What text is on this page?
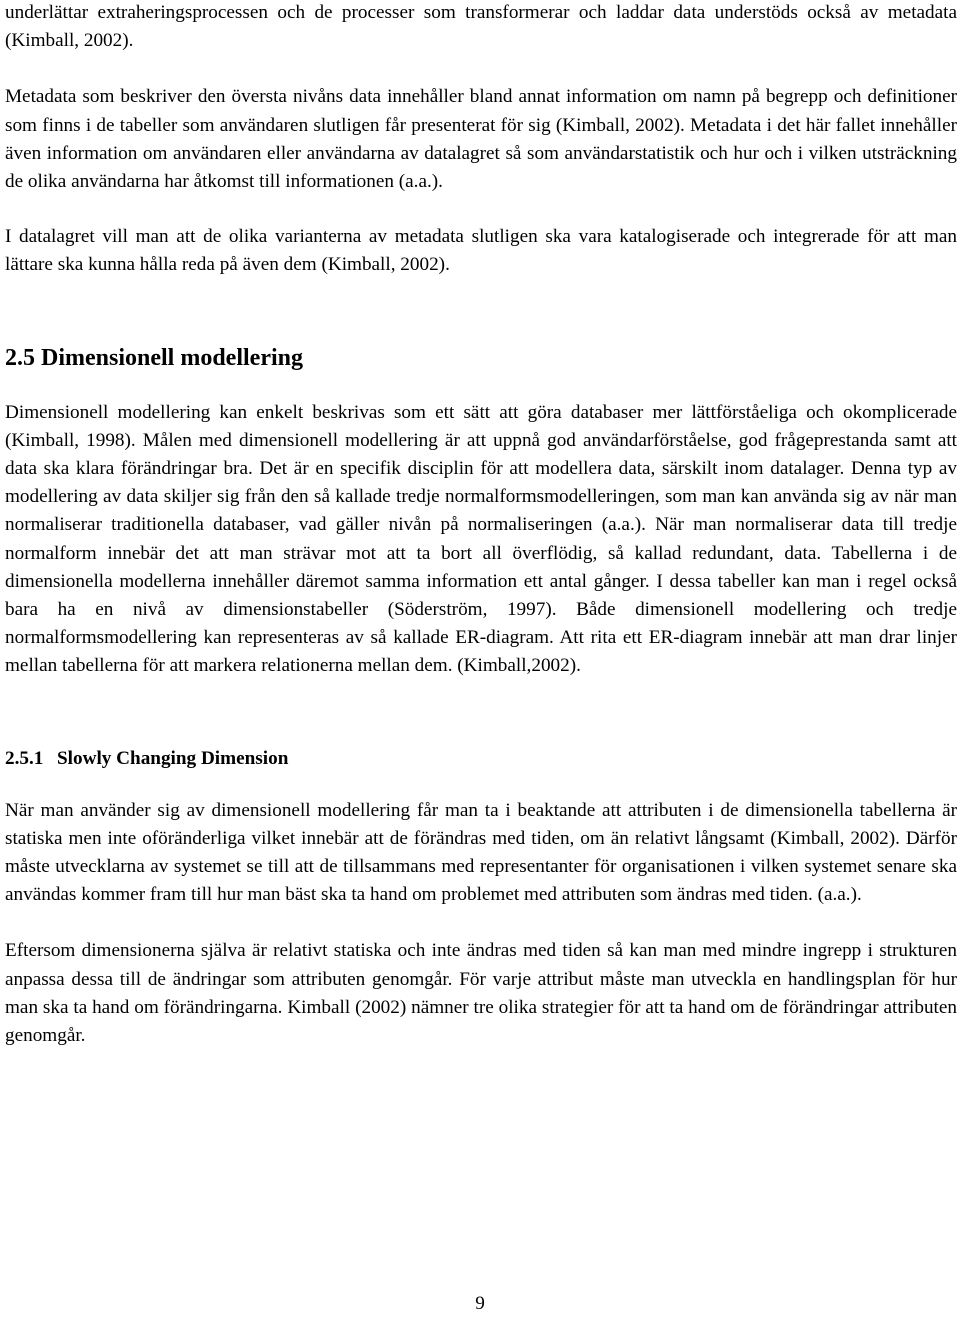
underlättar extraheringsprocessen och de processer som transformerar och laddar data understöds också av metadata (Kimball, 2002).

Metadata som beskriver den översta nivåns data innehåller bland annat information om namn på begrepp och definitioner som finns i de tabeller som användaren slutligen får presenterat för sig (Kimball, 2002). Metadata i det här fallet innehåller även information om användaren eller användarna av datalagret så som användarstatistik och hur och i vilken utsträckning de olika användarna har åtkomst till informationen (a.a.).

I datalagret vill man att de olika varianterna av metadata slutligen ska vara katalogiserade och integrerade för att man lättare ska kunna hålla reda på även dem (Kimball, 2002).

2.5 Dimensionell modellering

Dimensionell modellering kan enkelt beskrivas som ett sätt att göra databaser mer lättförståeliga och okomplicerade (Kimball, 1998). Målen med dimensionell modellering är att uppnå god användarförståelse, god frågeprestanda samt att data ska klara förändringar bra. Det är en specifik disciplin för att modellera data, särskilt inom datalager. Denna typ av modellering av data skiljer sig från den så kallade tredje normalformsmodelleringen, som man kan använda sig av när man normaliserar traditionella databaser, vad gäller nivån på normaliseringen (a.a.). När man normaliserar data till tredje normalform innebär det att man strävar mot att ta bort all överflödig, så kallad redundant, data. Tabellerna i de dimensionella modellerna innehåller däremot samma information ett antal gånger. I dessa tabeller kan man i regel också bara ha en nivå av dimensionstabeller (Söderström, 1997). Både dimensionell modellering och tredje normalformsmodellering kan representeras av så kallade ER-diagram. Att rita ett ER-diagram innebär att man drar linjer mellan tabellerna för att markera relationerna mellan dem. (Kimball,2002).

2.5.1 Slowly Changing Dimension

När man använder sig av dimensionell modellering får man ta i beaktande att attributen i de dimensionella tabellerna är statiska men inte oföränderliga vilket innebär att de förändras med tiden, om än relativt långsamt (Kimball, 2002). Därför måste utvecklarna av systemet se till att de tillsammans med representanter för organisationen i vilken systemet senare ska användas kommer fram till hur man bäst ska ta hand om problemet med attributen som ändras med tiden. (a.a.).

Eftersom dimensionerna själva är relativt statiska och inte ändras med tiden så kan man med mindre ingrepp i strukturen anpassa dessa till de ändringar som attributen genomgår. För varje attribut måste man utveckla en handlingsplan för hur man ska ta hand om förändringarna. Kimball (2002) nämner tre olika strategier för att ta hand om de förändringar attributen genomgår.

9
